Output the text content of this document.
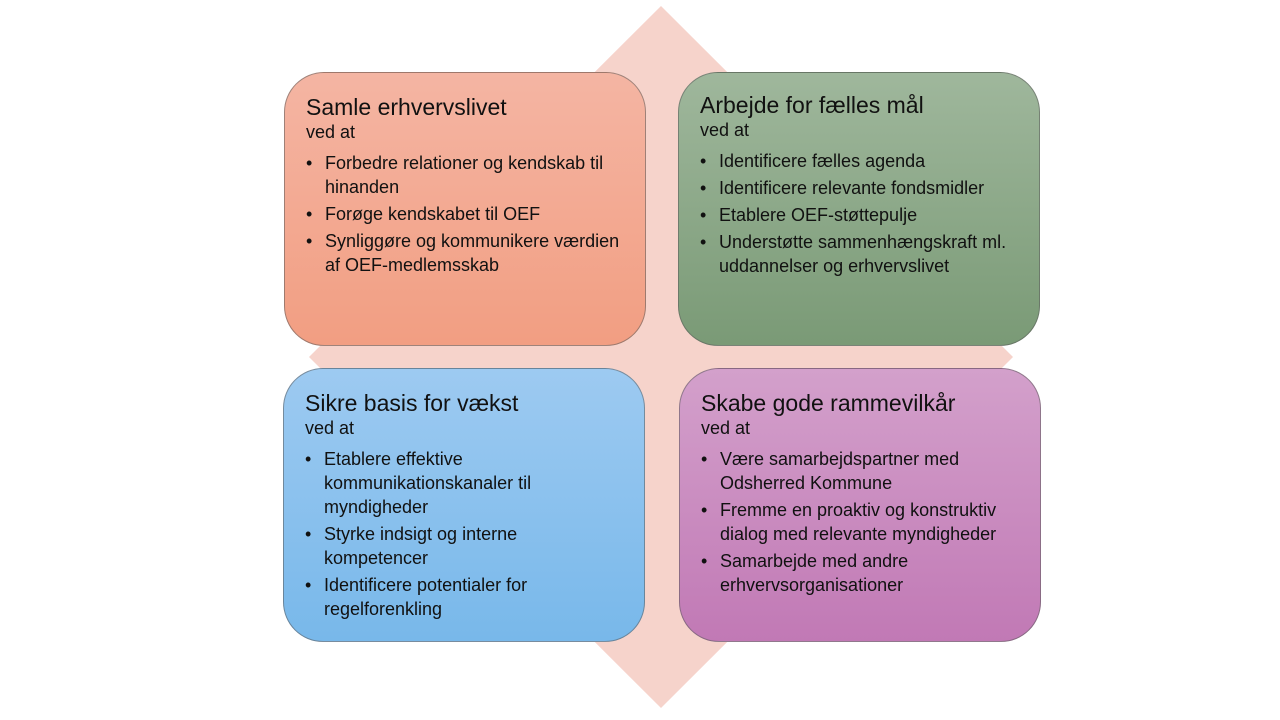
Samle erhvervslivet

ved at

• Forbedre relationer og kendskab til hinanden
• Forøge kendskabet til OEF
• Synliggøre og kommunikere værdien af OEF-medlemsskab

Arbejde for fælles mål

ved at

• Identificere fælles agenda
• Identificere relevante fondsmidler
• Etablere OEF-støttepulje
• Understøtte sammenhængskraft ml. uddannelser og erhvervslivet

Sikre basis for vækst

ved at

• Etablere effektive kommunikationskanaler til myndigheder
• Styrke indsigt og interne kompetencer
• Identificere potentialer for regelforenkling

Skabe gode rammevilkår

ved at

• Være samarbejdspartner med Odsherred Kommune
• Fremme en proaktiv og konstruktiv dialog med relevante myndigheder
• Samarbejde med andre erhvervsorganisationer
